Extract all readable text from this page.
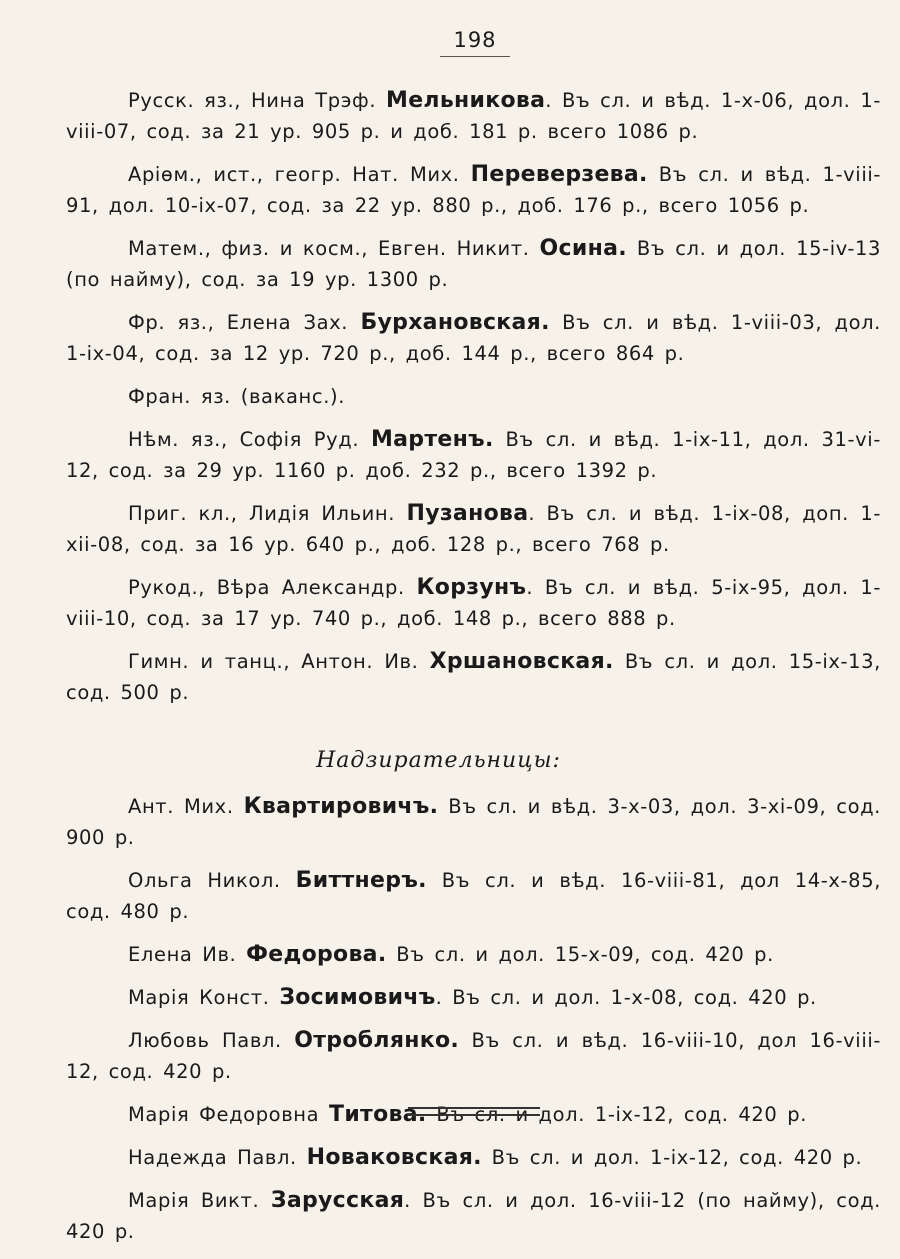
198

Русск. яз., Нина Трэф. Мельникова. Въ сл. и вѣд. 1-x-06, дол. 1-viii-07, сод. за 21 ур. 905 р. и доб. 181 р. всего 1086 р.

Аріѳм., ист., геогр. Нат. Мих. Переверзева. Въ сл. и вѣд. 1-viii-91, дол. 10-ix-07, сод. за 22 ур. 880 р., доб. 176 р., всего 1056 р.

Матем., физ. и косм., Евген. Никит. Осина. Въ сл. и дол. 15-iv-13 (по найму), сод. за 19 ур. 1300 р.

Фр. яз., Елена Зах. Бурхановская. Въ сл. и вѣд. 1-viii-03, дол. 1-ix-04, сод. за 12 ур. 720 р., доб. 144 р., всего 864 р.

Фран. яз. (ваканс.).

Нѣм. яз., Софія Руд. Мартенъ. Въ сл. и вѣд. 1-ix-11, дол. 31-vi-12, сод. за 29 ур. 1160 р. доб. 232 р., всего 1392 р.

Приг. кл., Лидія Ильин. Пузанова. Въ сл. и вѣд. 1-ix-08, доп. 1-xii-08, сод. за 16 ур. 640 р., доб. 128 р., всего 768 р.

Рукод., Вѣра Александр. Корзунъ. Въ сл. и вѣд. 5-ix-95, дол. 1-viii-10, сод. за 17 ур. 740 р., доб. 148 р., всего 888 р.

Гимн. и танц., Антон. Ив. Хршановская. Въ сл. и дол. 15-ix-13, сод. 500 р.

Надзирательницы:

Ант. Мих. Квартировичъ. Въ сл. и вѣд. 3-x-03, дол. 3-xi-09, сод. 900 р.

Ольга Никол. Биттнеръ. Въ сл. и вѣд. 16-viii-81, дол 14-x-85, сод. 480 р.

Елена Ив. Федорова. Въ сл. и дол. 15-x-09, сод. 420 р.

Марія Конст. Зосимовичъ. Въ сл. и дол. 1-x-08, сод. 420 р.

Любовь Павл. Отроблянко. Въ сл. и вѣд. 16-viii-10, дол 16-viii-12, сод. 420 р.

Марія Федоровна Титова. Въ сл. и дол. 1-ix-12, сод. 420 р.

Надежда Павл. Новаковская. Въ сл. и дол. 1-ix-12, сод. 420 р.

Марія Викт. Зарусская. Въ сл. и дол. 16-viii-12 (по найму), сод. 420 р.
